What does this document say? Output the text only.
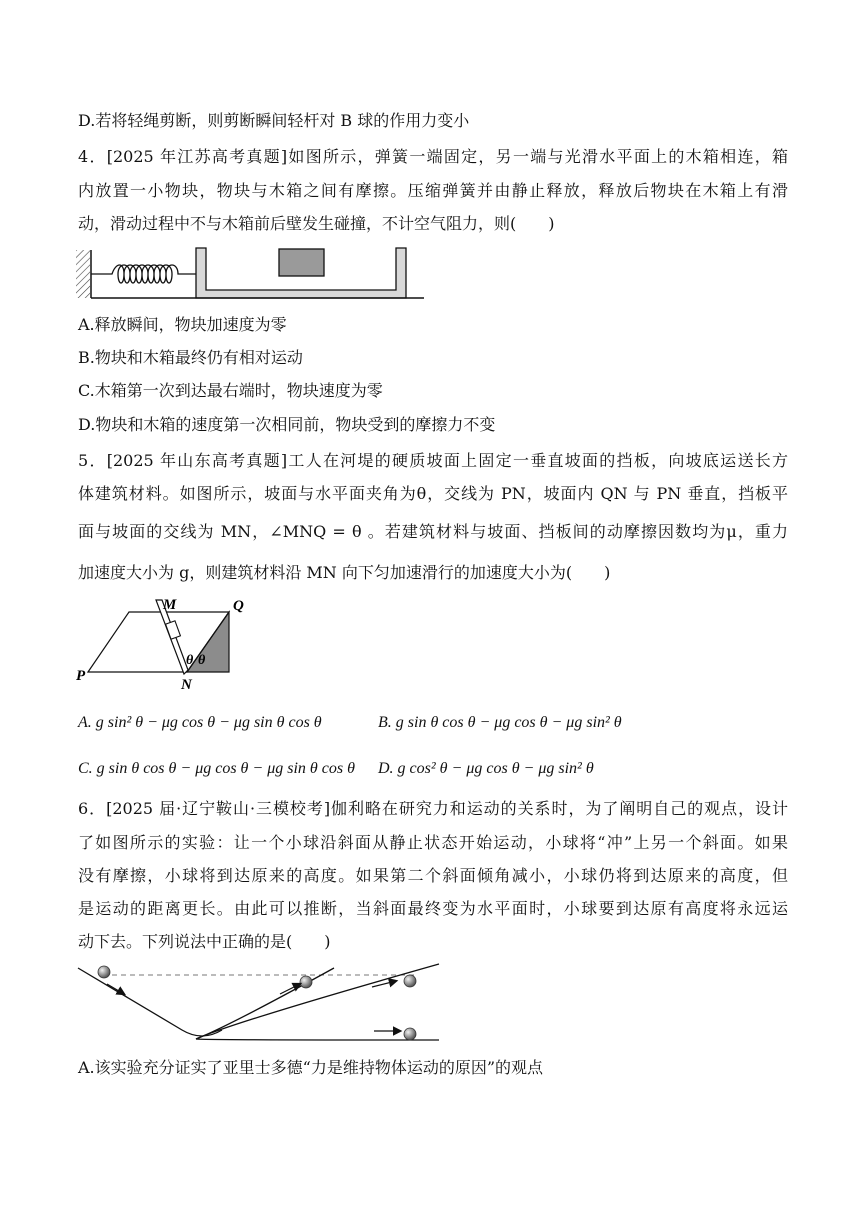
D.若将轻绳剪断，则剪断瞬间轻杆对 B 球的作用力变小
4．[2025 年江苏高考真题]如图所示，弹簧一端固定，另一端与光滑水平面上的木箱相连，箱
内放置一小物块，物块与木箱之间有摩擦。压缩弹簧并由静止释放，释放后物块在木箱上有滑
动，滑动过程中不与木箱前后壁发生碰撞，不计空气阻力，则(　　)
A.释放瞬间，物块加速度为零
B.物块和木箱最终仍有相对运动
C.木箱第一次到达最右端时，物块速度为零
D.物块和木箱的速度第一次相同前，物块受到的摩擦力不变
5．[2025 年山东高考真题]工人在河堤的硬质坡面上固定一垂直坡面的挡板，向坡底运送长方
体建筑材料。如图所示，坡面与水平面夹角为θ，交线为 PN，坡面内 QN 与 PN 垂直，挡板平
面与坡面的交线为 MN，∠MNQ = θ 。若建筑材料与坡面、挡板间的动摩擦因数均为μ，重力
加速度大小为 g，则建筑材料沿 MN 向下匀加速滑行的加速度大小为(　　)
M	Q
P
N
θ θ
A. g sin² θ − μg cos θ − μg sin θ cos θ	B. g sin θ cos θ − μg cos θ − μg sin² θ
C. g sin θ cos θ − μg cos θ − μg sin θ cos θ D. g cos² θ − μg cos θ − μg sin² θ
6．[2025 届·辽宁鞍山·三模校考]伽利略在研究力和运动的关系时，为了阐明自己的观点，设计
了如图所示的实验：让一个小球沿斜面从静止状态开始运动，小球将“冲”上另一个斜面。如果
没有摩擦，小球将到达原来的高度。如果第二个斜面倾角减小，小球仍将到达原来的高度，但
是运动的距离更长。由此可以推断，当斜面最终变为水平面时，小球要到达原有高度将永远运
动下去。下列说法中正确的是(　　)
A.该实验充分证实了亚里士多德“力是维持物体运动的原因”的观点
